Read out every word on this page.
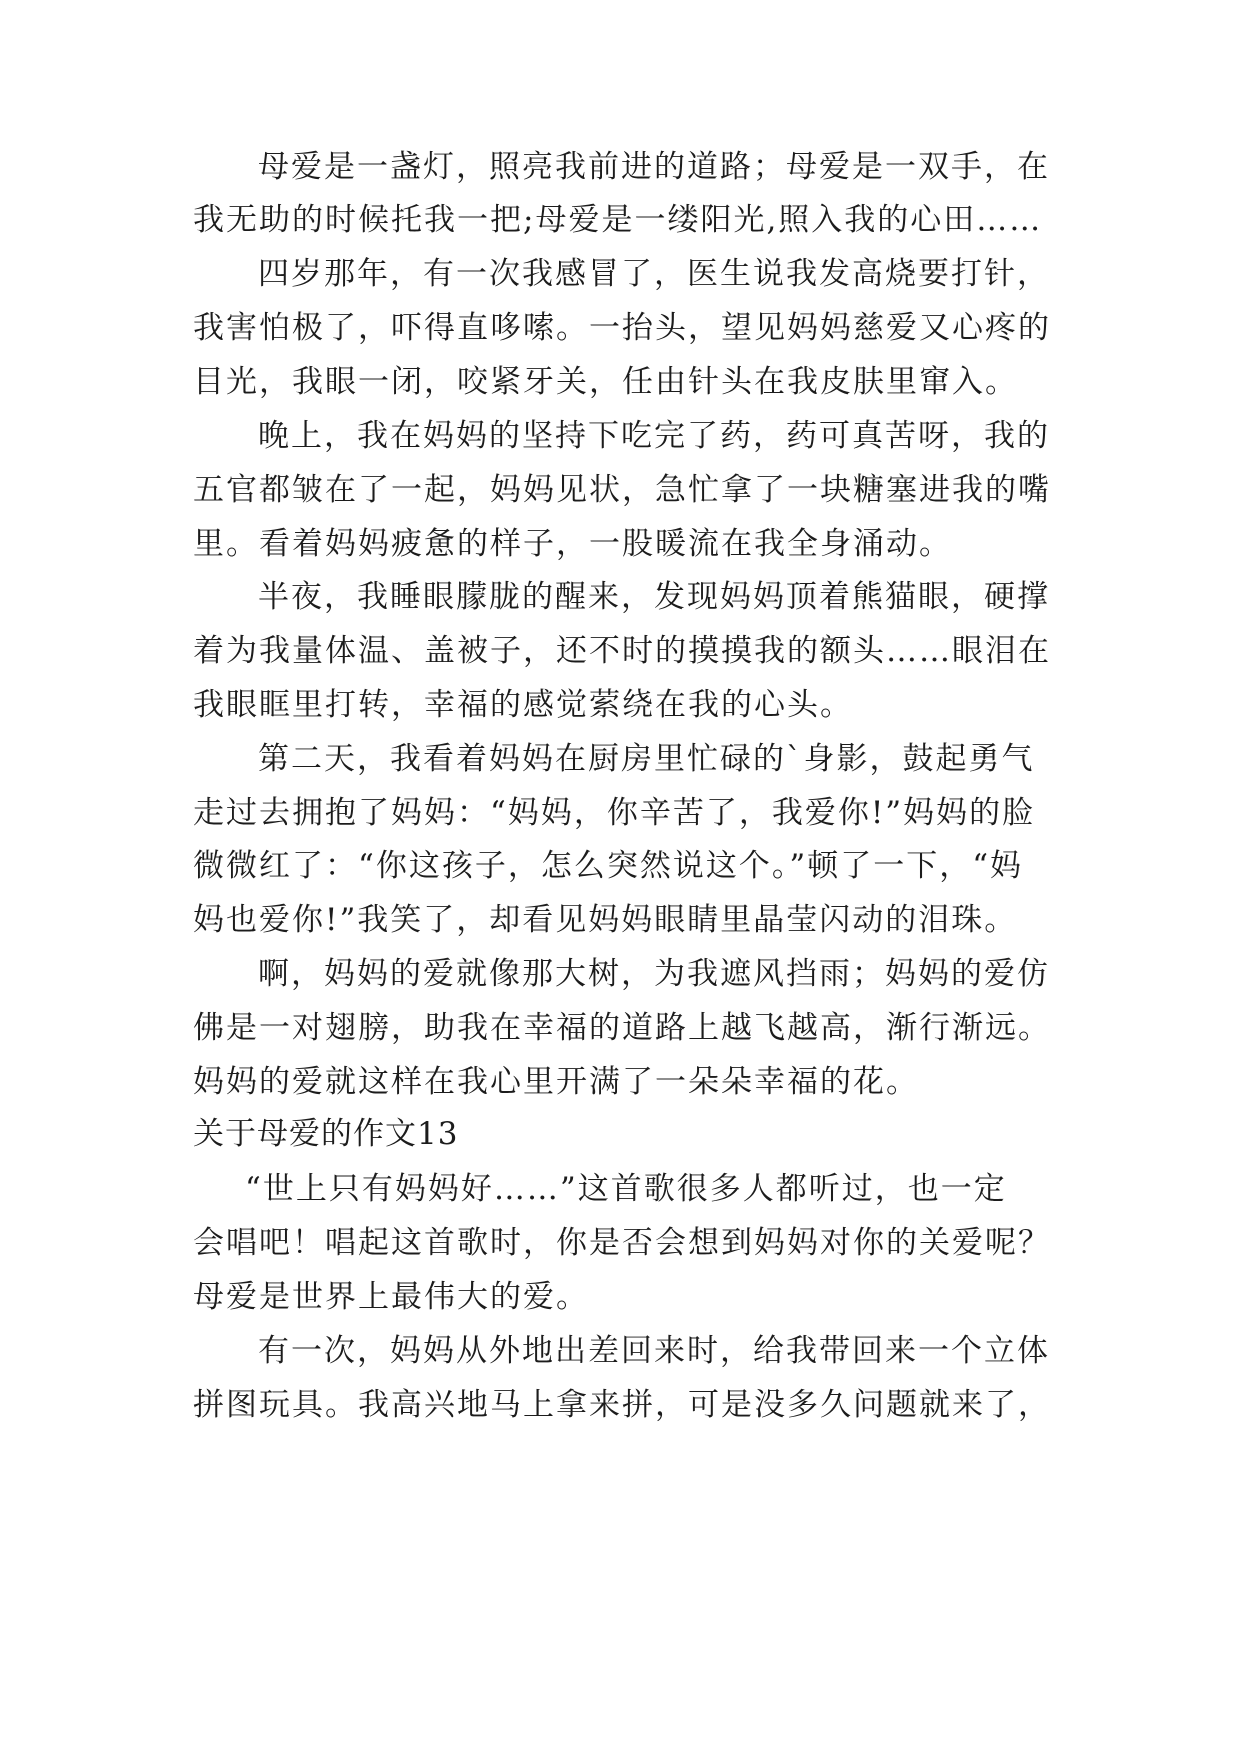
母爱是一盏灯，照亮我前进的道路；母爱是一双手，在
我无助的时候托我一把;母爱是一缕阳光,照入我的心田……
四岁那年，有一次我感冒了，医生说我发高烧要打针，
我害怕极了，吓得直哆嗦。一抬头，望见妈妈慈爱又心疼的
目光，我眼一闭，咬紧牙关，任由针头在我皮肤里窜入。
晚上，我在妈妈的坚持下吃完了药，药可真苦呀，我的
五官都皱在了一起，妈妈见状，急忙拿了一块糖塞进我的嘴
里。看着妈妈疲惫的样子，一股暖流在我全身涌动。
半夜，我睡眼朦胧的醒来，发现妈妈顶着熊猫眼，硬撑
着为我量体温、盖被子，还不时的摸摸我的额头……眼泪在
我眼眶里打转，幸福的感觉萦绕在我的心头。
第二天，我看着妈妈在厨房里忙碌的`身影，鼓起勇气
走过去拥抱了妈妈：“妈妈，你辛苦了，我爱你!”妈妈的脸
微微红了：“你这孩子，怎么突然说这个。”顿了一下，“妈
妈也爱你!”我笑了，却看见妈妈眼睛里晶莹闪动的泪珠。
啊，妈妈的爱就像那大树，为我遮风挡雨；妈妈的爱仿
佛是一对翅膀，助我在幸福的道路上越飞越高，渐行渐远。
妈妈的爱就这样在我心里开满了一朵朵幸福的花。
关于母爱的作文13
“世上只有妈妈好……”这首歌很多人都听过，也一定
会唱吧！唱起这首歌时，你是否会想到妈妈对你的关爱呢？
母爱是世界上最伟大的爱。
有一次，妈妈从外地出差回来时，给我带回来一个立体
拼图玩具。我高兴地马上拿来拼，可是没多久问题就来了，
